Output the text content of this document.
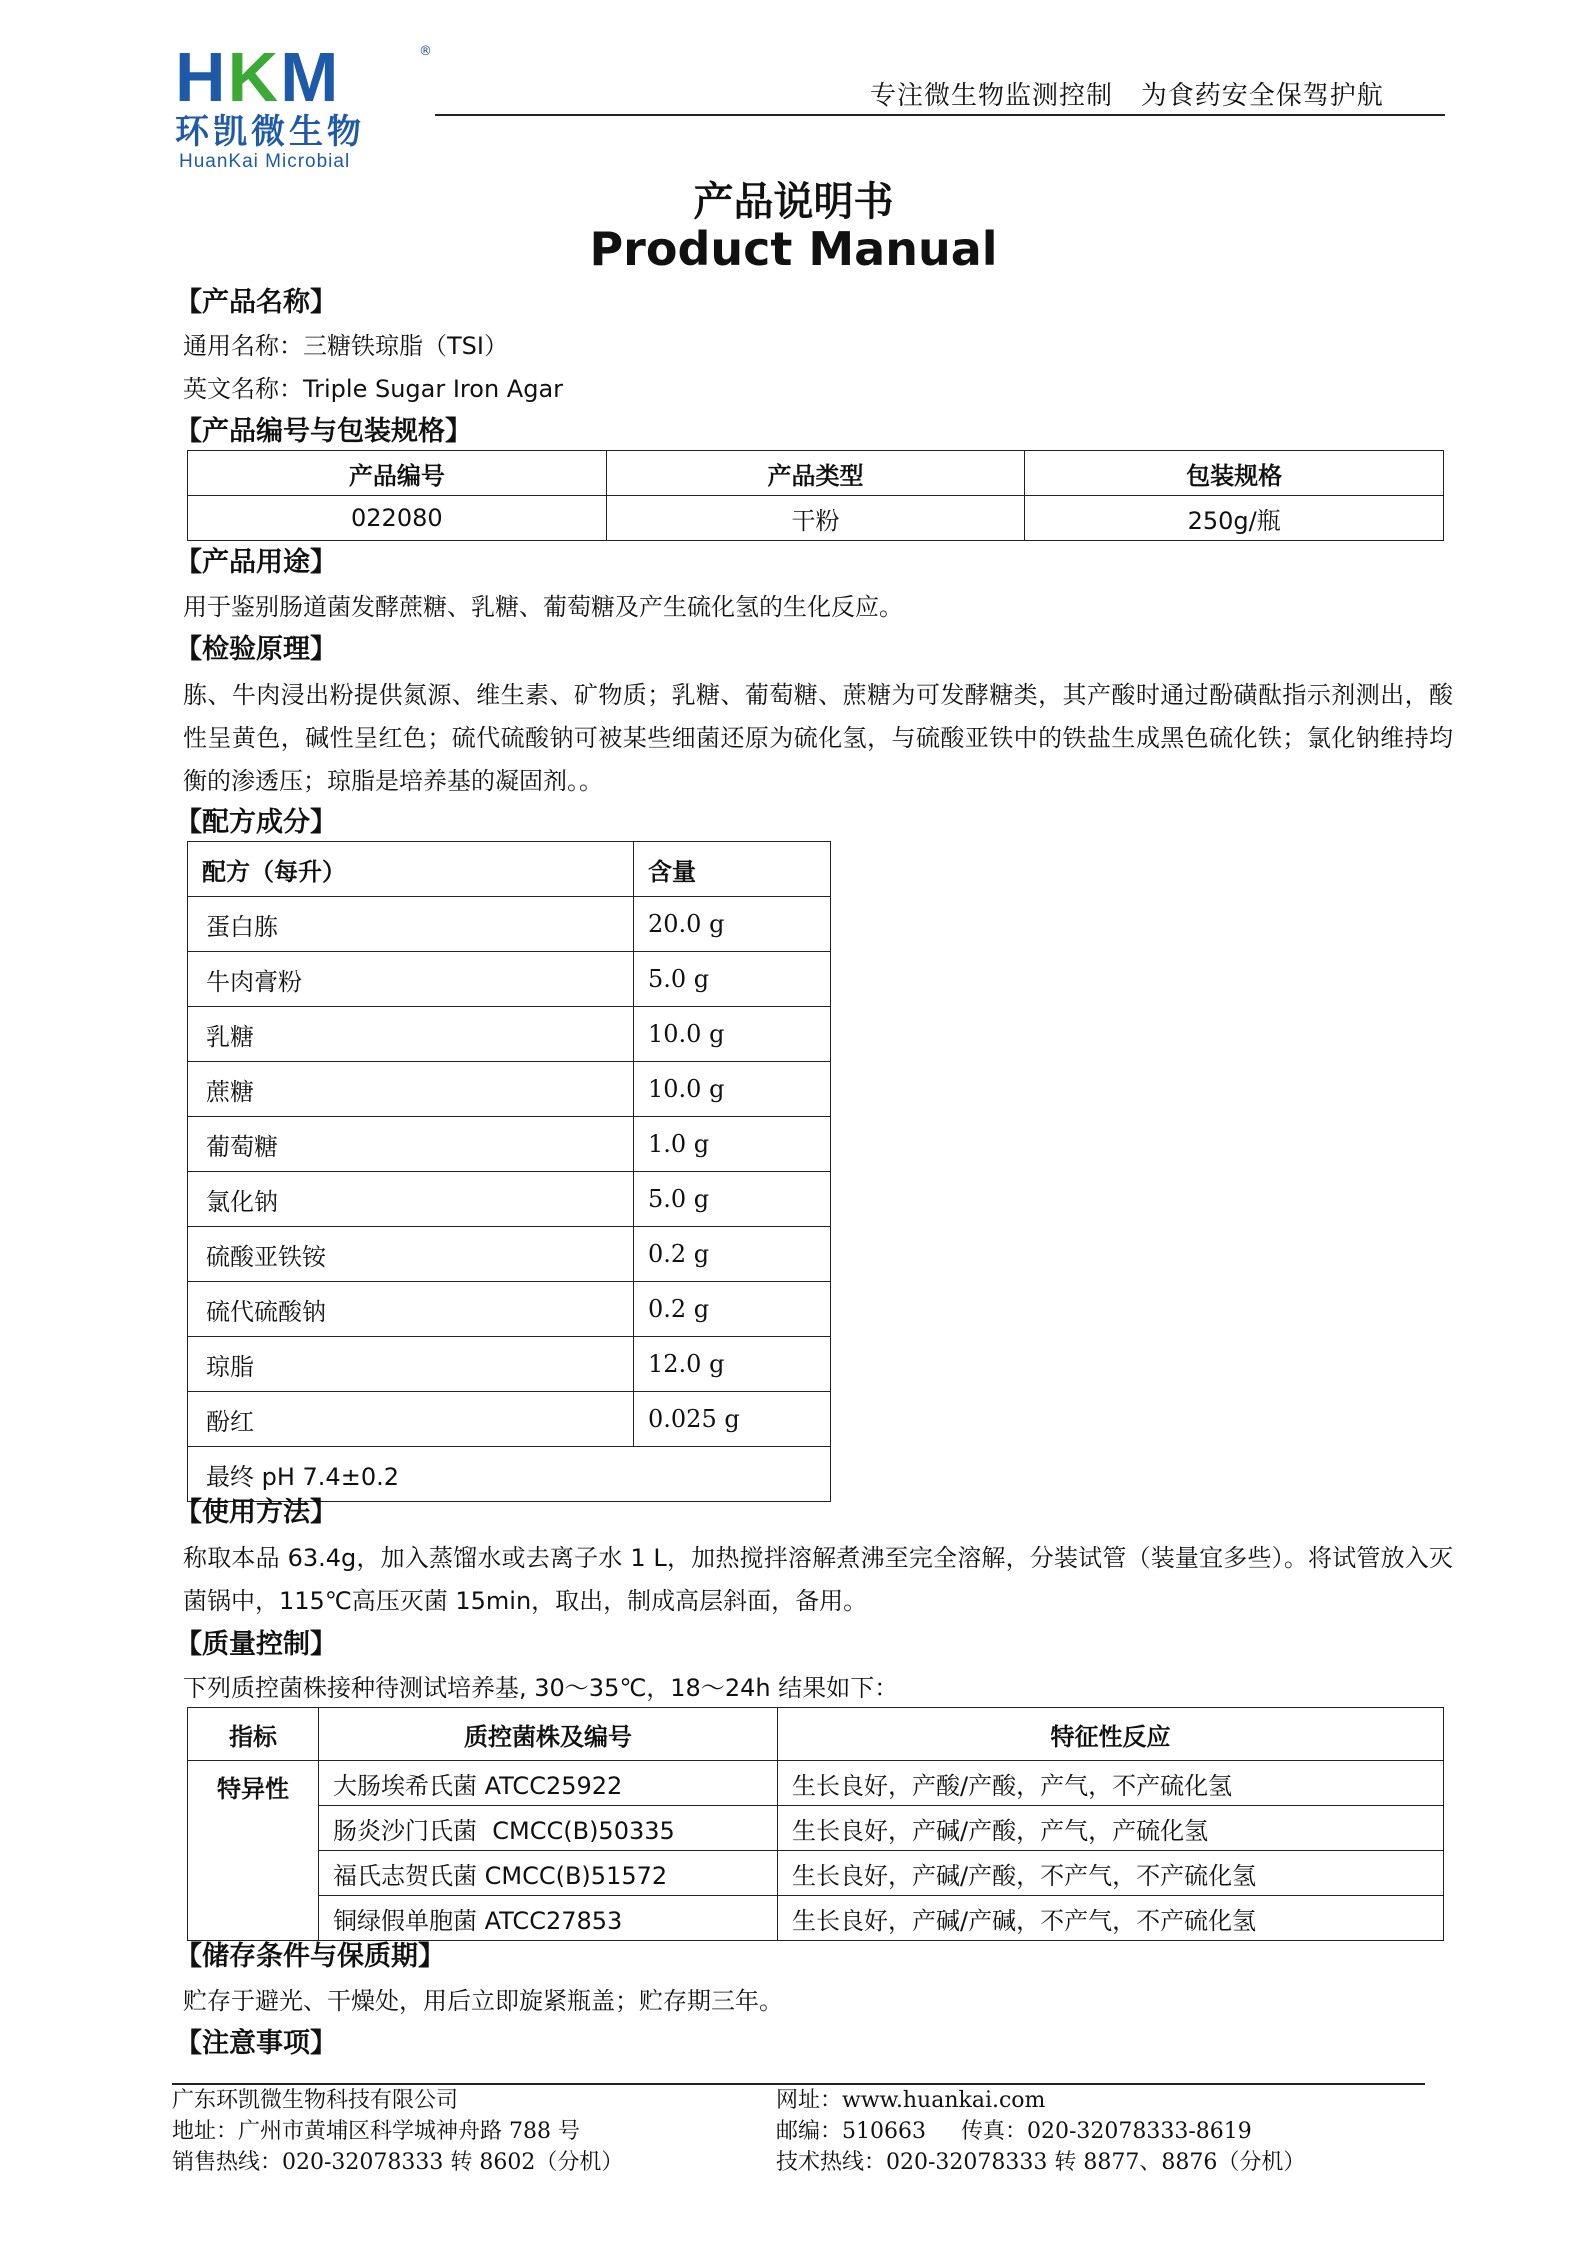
HKM	®
环凯微生物
HuanKai Microbial
专注微生物监测控制   为食药安全保驾护航
产品说明书
Product Manual
【产品名称】
通用名称：三糖铁琼脂（TSI）
英文名称：Triple Sugar Iron Agar
【产品编号与包装规格】
产品编号	产品类型	包装规格
022080	干粉	250g/瓶
【产品用途】
用于鉴别肠道菌发酵蔗糖、乳糖、葡萄糖及产生硫化氢的生化反应。
【检验原理】
胨、牛肉浸出粉提供氮源、维生素、矿物质；乳糖、葡萄糖、蔗糖为可发酵糖类，其产酸时通过酚磺酞指示剂测出，酸性呈黄色，碱性呈红色；硫代硫酸钠可被某些细菌还原为硫化氢，与硫酸亚铁中的铁盐生成黑色硫化铁；氯化钠维持均衡的渗透压；琼脂是培养基的凝固剂。。
【配方成分】
配方（每升）	含量
蛋白胨	20.0 g
牛肉膏粉	5.0 g
乳糖	10.0 g
蔗糖	10.0 g
葡萄糖	1.0 g
氯化钠	5.0 g
硫酸亚铁铵	0.2 g
硫代硫酸钠	0.2 g
琼脂	12.0 g
酚红	0.025 g
最终 pH 7.4±0.2	
【使用方法】
称取本品 63.4g，加入蒸馏水或去离子水 1 L，加热搅拌溶解煮沸至完全溶解，分装试管（装量宜多些）。将试管放入灭菌锅中，115℃高压灭菌 15min，取出，制成高层斜面，备用。
【质量控制】
下列质控菌株接种待测试培养基, 30～35℃，18～24h 结果如下：
指标	质控菌株及编号	特征性反应
特异性	大肠埃希氏菌 ATCC25922	生长良好，产酸/产酸，产气，不产硫化氢
	肠炎沙门氏菌  CMCC(B)50335	生长良好，产碱/产酸，产气，产硫化氢
	福氏志贺氏菌 CMCC(B)51572	生长良好，产碱/产酸，不产气，不产硫化氢
	铜绿假单胞菌 ATCC27853	生长良好，产碱/产碱，不产气，不产硫化氢
【储存条件与保质期】
贮存于避光、干燥处，用后立即旋紧瓶盖；贮存期三年。
【注意事项】
广东环凯微生物科技有限公司
地址：广州市黄埔区科学城神舟路 788 号
销售热线：020-32078333 转 8602（分机）
网址：www.huankai.com
邮编：510663     传真：020-32078333-8619
技术热线：020-32078333 转 8877、8876（分机）
